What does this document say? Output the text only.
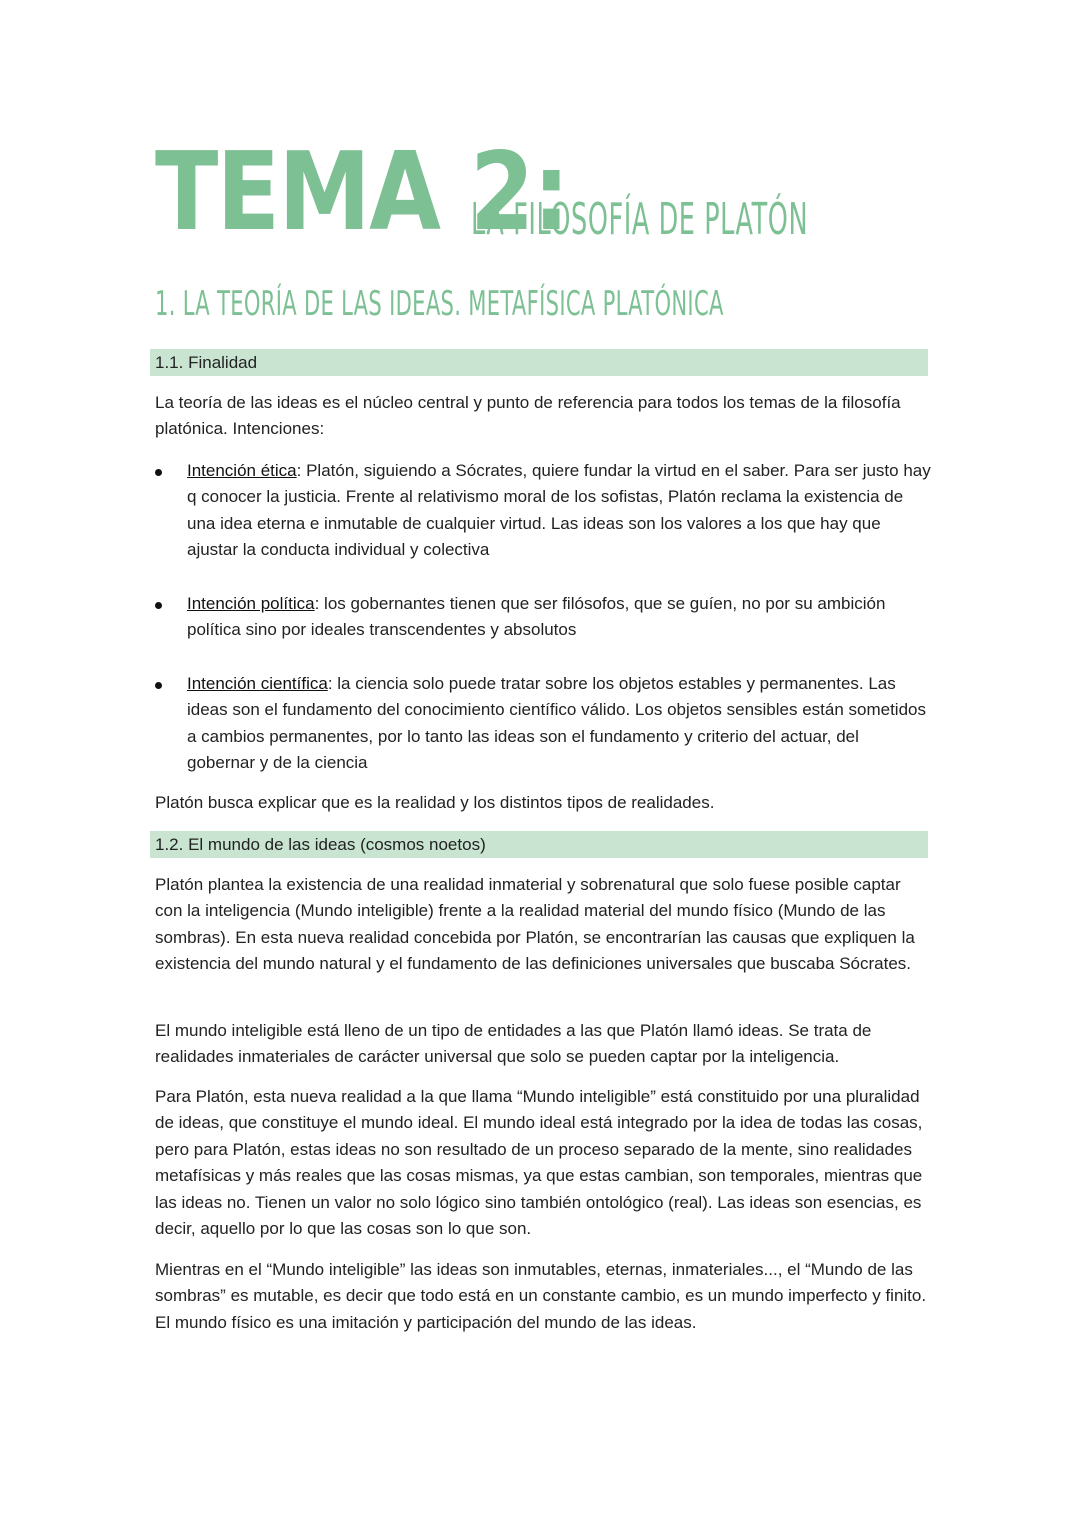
TEMA 2:
LA FILOSOFÍA DE PLATÓN
1. LA TEORÍA DE LAS IDEAS. METAFÍSICA PLATÓNICA
1.1. Finalidad

La teoría de las ideas es el núcleo central y punto de referencia para todos los temas de la filosofía platónica. Intenciones:

Intención ética: Platón, siguiendo a Sócrates, quiere fundar la virtud en el saber. Para ser justo hay q conocer la justicia. Frente al relativismo moral de los sofistas, Platón reclama la existencia de una idea eterna e inmutable de cualquier virtud. Las ideas son los valores a los que hay que ajustar la conducta individual y colectiva

Intención política: los gobernantes tienen que ser filósofos, que se guíen, no por su ambición política sino por ideales transcendentes y absolutos

Intención científica: la ciencia solo puede tratar sobre los objetos estables y permanentes. Las ideas son el fundamento del conocimiento científico válido. Los objetos sensibles están sometidos a cambios permanentes, por lo tanto las ideas son el fundamento y criterio del actuar, del gobernar y de la ciencia

Platón busca explicar que es la realidad y los distintos tipos de realidades.

1.2. El mundo de las ideas (cosmos noetos)

Platón plantea la existencia de una realidad inmaterial y sobrenatural que solo fuese posible captar con la inteligencia (Mundo inteligible) frente a la realidad material del mundo físico (Mundo de las sombras). En esta nueva realidad concebida por Platón, se encontrarían las causas que expliquen la existencia del mundo natural y el fundamento de las definiciones universales que buscaba Sócrates.

El mundo inteligible está lleno de un tipo de entidades a las que Platón llamó ideas. Se trata de realidades inmateriales de carácter universal que solo se pueden captar por la inteligencia.

Para Platón, esta nueva realidad a la que llama “Mundo inteligible” está constituido por una pluralidad de ideas, que constituye el mundo ideal. El mundo ideal está integrado por la idea de todas las cosas, pero para Platón, estas ideas no son resultado de un proceso separado de la mente, sino realidades metafísicas y más reales que las cosas mismas, ya que estas cambian, son temporales, mientras que las ideas no. Tienen un valor no solo lógico sino también ontológico (real). Las ideas son esencias, es decir, aquello por lo que las cosas son lo que son.

Mientras en el “Mundo inteligible” las ideas son inmutables, eternas, inmateriales..., el “Mundo de las sombras” es mutable, es decir que todo está en un constante cambio, es un mundo imperfecto y finito. El mundo físico es una imitación y participación del mundo de las ideas.
